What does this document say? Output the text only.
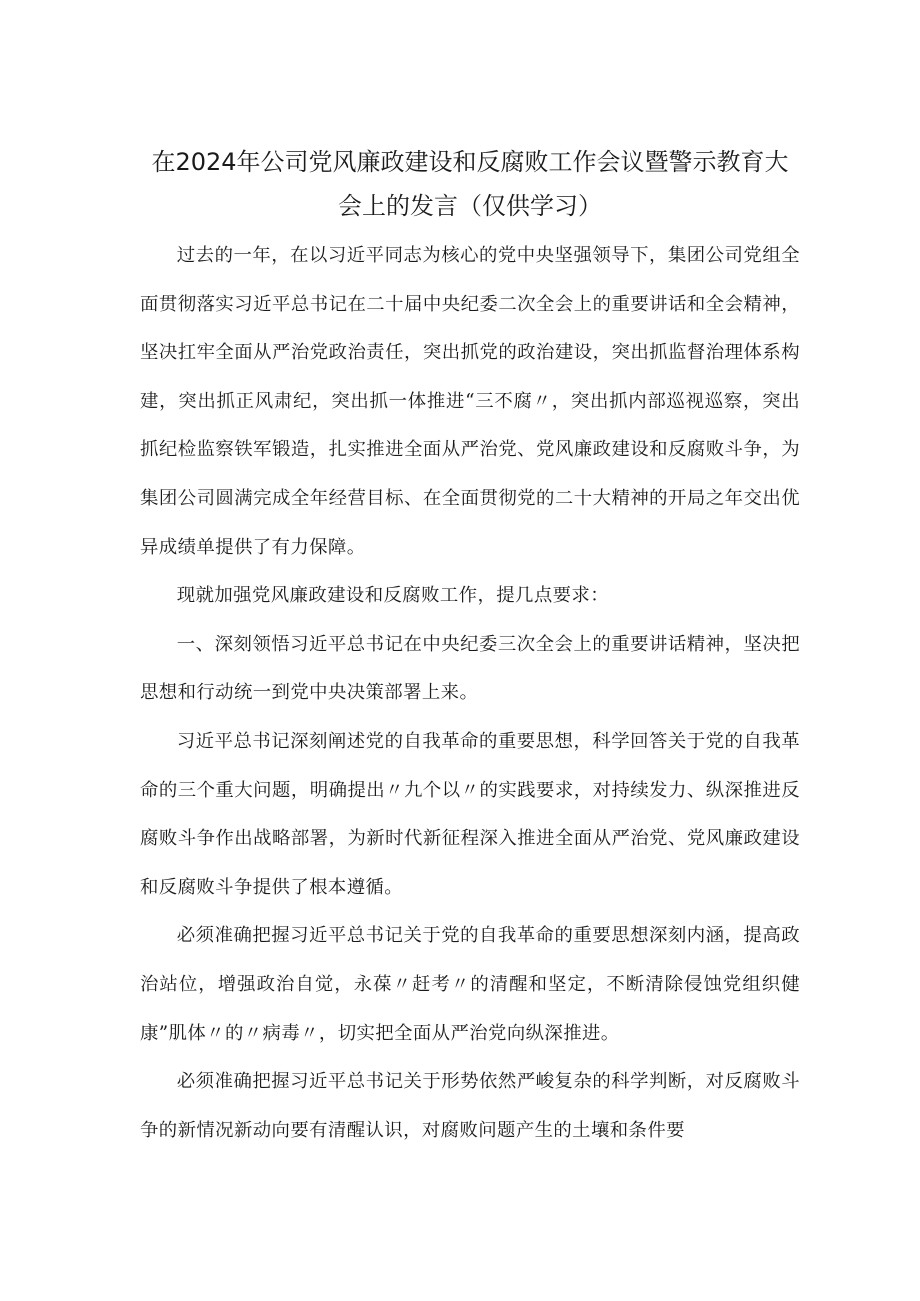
在2024年公司党风廉政建设和反腐败工作会议暨警示教育大
会上的发言（仅供学习）

过去的一年，在以习近平同志为核心的党中央坚强领导下，集团公司党组全面贯彻落实习近平总书记在二十届中央纪委二次全会上的重要讲话和全会精神，坚决扛牢全面从严治党政治责任，突出抓党的政治建设，突出抓监督治理体系构建，突出抓正风肃纪，突出抓一体推进“三不腐〃，突出抓内部巡视巡察，突出抓纪检监察铁军锻造，扎实推进全面从严治党、党风廉政建设和反腐败斗争，为集团公司圆满完成全年经营目标、在全面贯彻党的二十大精神的开局之年交出优异成绩单提供了有力保障。

现就加强党风廉政建设和反腐败工作，提几点要求：

一、深刻领悟习近平总书记在中央纪委三次全会上的重要讲话精神，坚决把思想和行动统一到党中央决策部署上来。

习近平总书记深刻阐述党的自我革命的重要思想，科学回答关于党的自我革命的三个重大问题，明确提出〃九个以〃的实践要求，对持续发力、纵深推进反腐败斗争作出战略部署，为新时代新征程深入推进全面从严治党、党风廉政建设和反腐败斗争提供了根本遵循。

必须准确把握习近平总书记关于党的自我革命的重要思想深刻内涵，提高政治站位，增强政治自觉，永葆〃赶考〃的清醒和坚定，不断清除侵蚀党组织健康”肌体〃的〃病毒〃，切实把全面从严治党向纵深推进。

必须准确把握习近平总书记关于形势依然严峻复杂的科学判断，对反腐败斗争的新情况新动向要有清醒认识，对腐败问题产生的土壤和条件要
